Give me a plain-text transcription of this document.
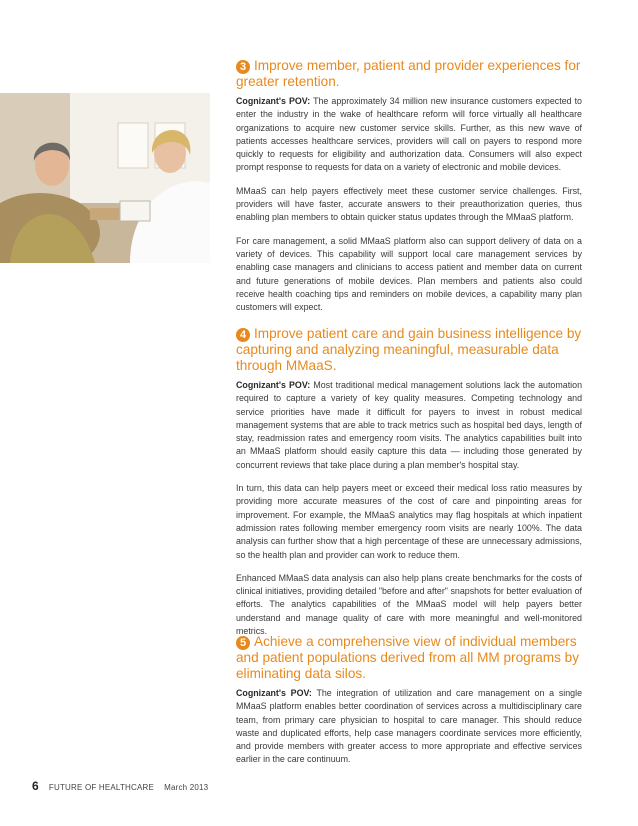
3 Improve member, patient and provider experiences for greater retention.

Cognizant's POV: The approximately 34 million new insurance customers expected to enter the industry in the wake of healthcare reform will force virtually all healthcare organizations to acquire new customer service skills. Further, as this new wave of patients accesses healthcare services, providers will call on payers to respond more quickly to requests for eligibility and authorization data. Consumers will also expect prompt response to requests for data on a variety of electronic and mobile devices.

MMaaS can help payers effectively meet these customer service challenges. First, providers will have faster, accurate answers to their preauthorization queries, thus enabling plan members to obtain quicker status updates through the MMaaS platform.

For care management, a solid MMaaS platform also can support delivery of data on a variety of devices. This capability will support local care management services by enabling case managers and clinicians to access patient and member data on current and future generations of mobile devices. Plan members and patients also could receive health coaching tips and reminders on mobile devices, a capability many plan customers will expect.

4 Improve patient care and gain business intelligence by capturing and analyzing meaningful, measurable data through MMaaS.

Cognizant's POV: Most traditional medical management solutions lack the automation required to capture a variety of key quality measures. Competing technology and service priorities have made it difficult for payers to invest in robust medical management systems that are able to track metrics such as hospital bed days, length of stay, readmission rates and emergency room visits. The analytics capabilities built into an MMaaS platform should easily capture this data — including those generated by concurrent reviews that take place during a plan member's hospital stay.

In turn, this data can help payers meet or exceed their medical loss ratio measures by providing more accurate measures of the cost of care and pinpointing areas for improvement. For example, the MMaaS analytics may flag hospitals at which inpatient admission rates following member emergency room visits are nearly 100%. The data analysis can further show that a high percentage of these are unnecessary admissions, so the health plan and provider can work to reduce them.

Enhanced MMaaS data analysis can also help plans create benchmarks for the costs of clinical initiatives, providing detailed "before and after" snapshots for better evaluation of efforts. The analytics capabilities of the MMaaS model will help payers better understand and manage quality of care with more meaningful and well-monitored metrics.

5 Achieve a comprehensive view of individual members and patient populations derived from all MM programs by eliminating data silos.

Cognizant's POV: The integration of utilization and care management on a single MMaaS platform enables better coordination of services across a multidisciplinary care team, from primary care physician to hospital to care manager. This should reduce waste and duplicated efforts, help case managers coordinate services more efficiently, and provide members with greater access to more appropriate and effective services earlier in the care continuum.

6 FUTURE OF HEALTHCARE March 2013
